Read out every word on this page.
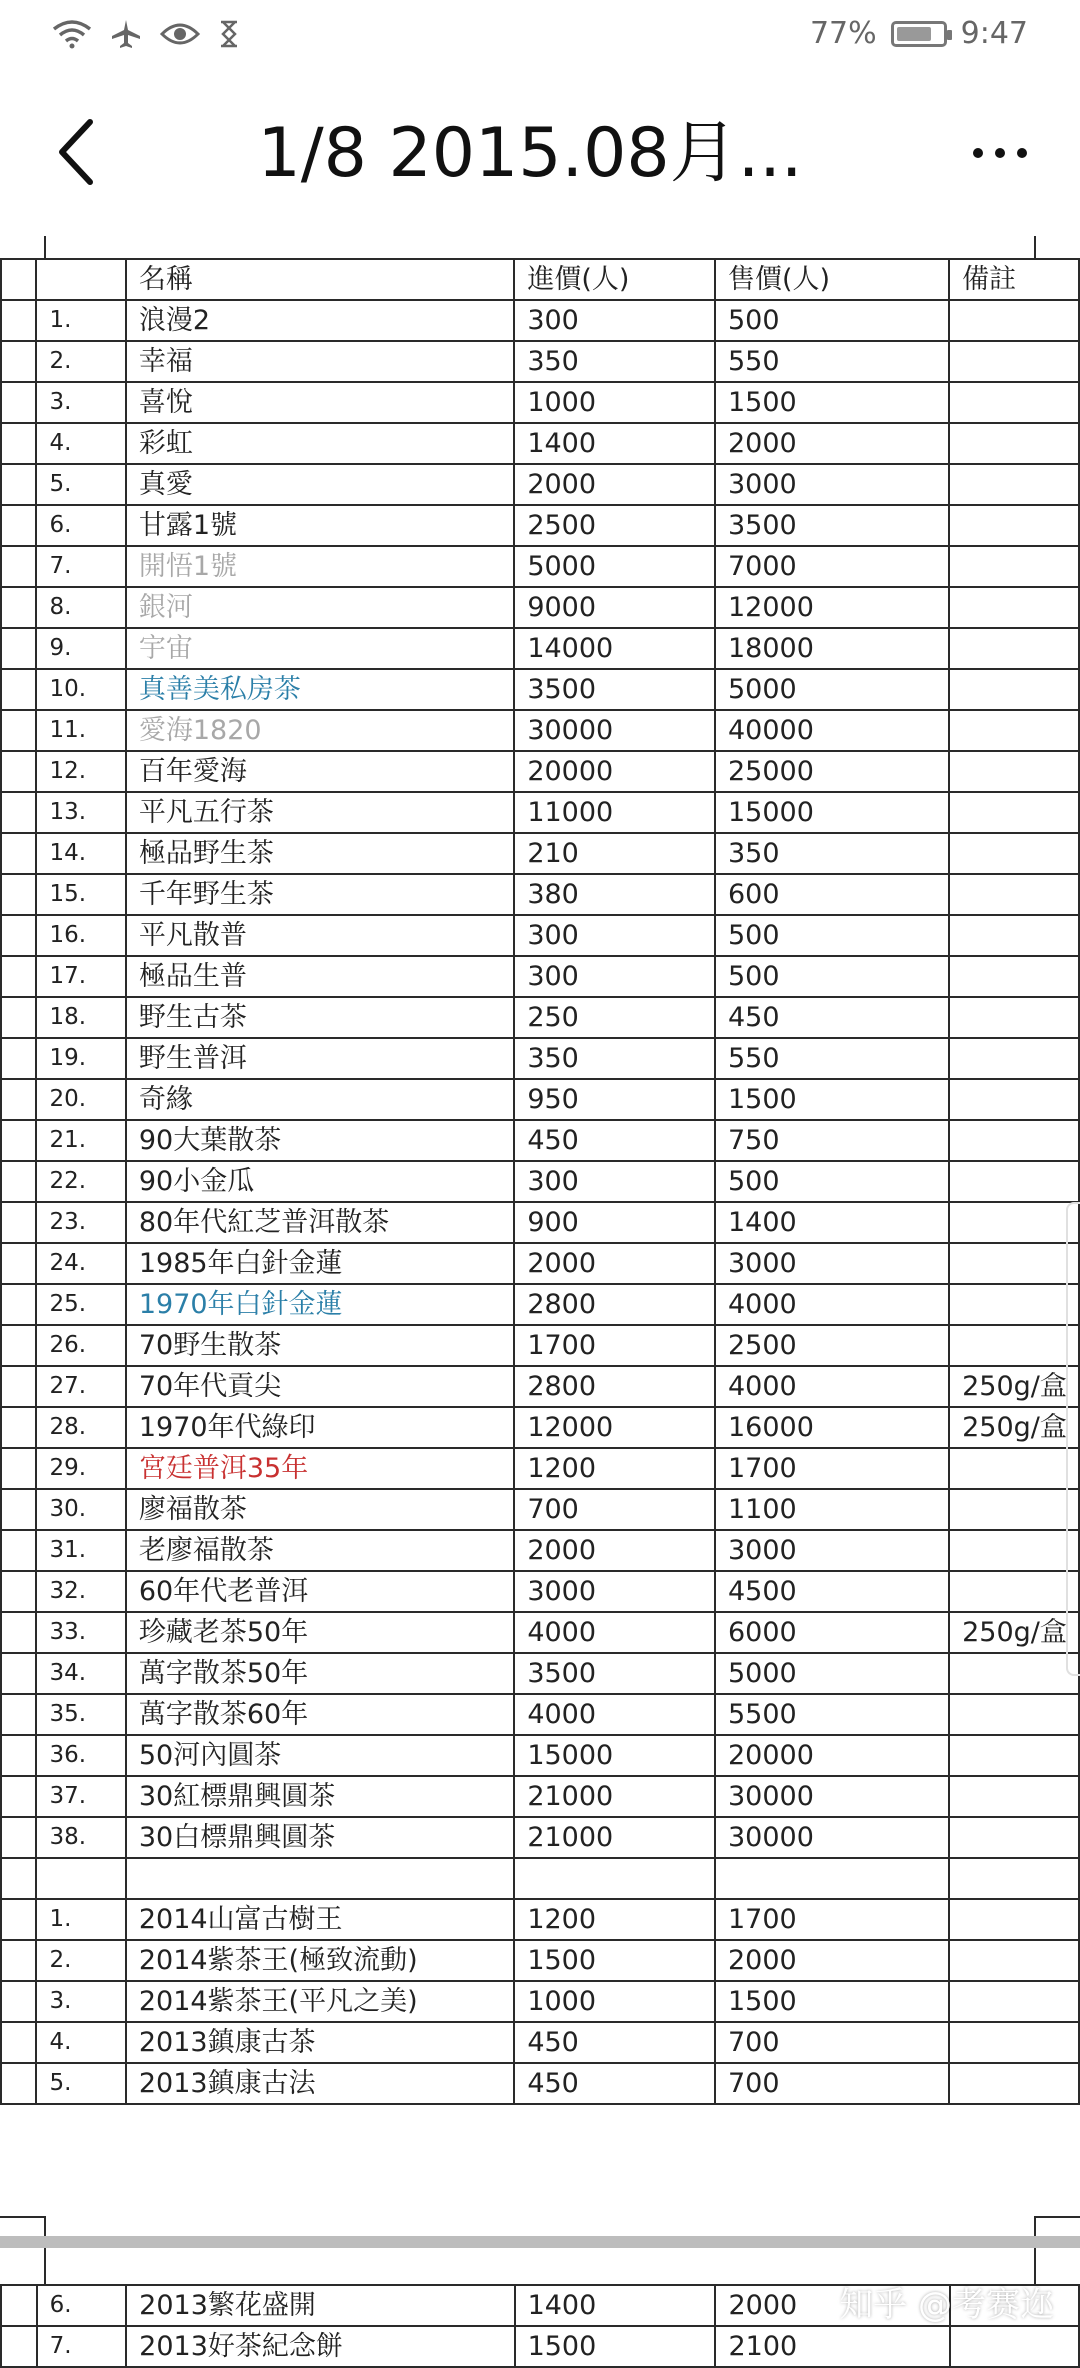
77%	9:47
1/8 2015.08月...
		名稱	進價(人)	售價(人)	備註
	1.	浪漫2	300	500	
	2.	幸福	350	550	
	3.	喜悅	1000	1500	
	4.	彩虹	1400	2000	
	5.	真愛	2000	3000	
	6.	甘露1號	2500	3500	
	7.	開悟1號	5000	7000	
	8.	銀河	9000	12000	
	9.	宇宙	14000	18000	
	10.	真善美私房茶	3500	5000	
	11.	愛海1820	30000	40000	
	12.	百年愛海	20000	25000	
	13.	平凡五行茶	11000	15000	
	14.	極品野生茶	210	350	
	15.	千年野生茶	380	600	
	16.	平凡散普	300	500	
	17.	極品生普	300	500	
	18.	野生古茶	250	450	
	19.	野生普洱	350	550	
	20.	奇緣	950	1500	
	21.	90大葉散茶	450	750	
	22.	90小金瓜	300	500	
	23.	80年代紅芝普洱散茶	900	1400	
	24.	1985年白針金蓮	2000	3000	
	25.	1970年白針金蓮	2800	4000	
	26.	70野生散茶	1700	2500	
	27.	70年代貢尖	2800	4000	250g/盒
	28.	1970年代綠印	12000	16000	250g/盒
	29.	宮廷普洱35年	1200	1700	
	30.	廖福散茶	700	1100	
	31.	老廖福散茶	2000	3000	
	32.	60年代老普洱	3000	4500	
	33.	珍藏老茶50年	4000	6000	250g/盒
	34.	萬字散茶50年	3500	5000	
	35.	萬字散茶60年	4000	5500	
	36.	50河內圓茶	15000	20000	
	37.	30紅標鼎興圓茶	21000	30000	
	38.	30白標鼎興圓茶	21000	30000	

	1.	2014山富古樹王	1200	1700	
	2.	2014紫茶王(極致流動)	1500	2000	
	3.	2014紫茶王(平凡之美)	1000	1500	
	4.	2013鎮康古茶	450	700	
	5.	2013鎮康古法	450	700	
	6.	2013繁花盛開	1400	2000	
	7.	2013好茶紀念餅	1500	2100	
知乎 @考赛迩
